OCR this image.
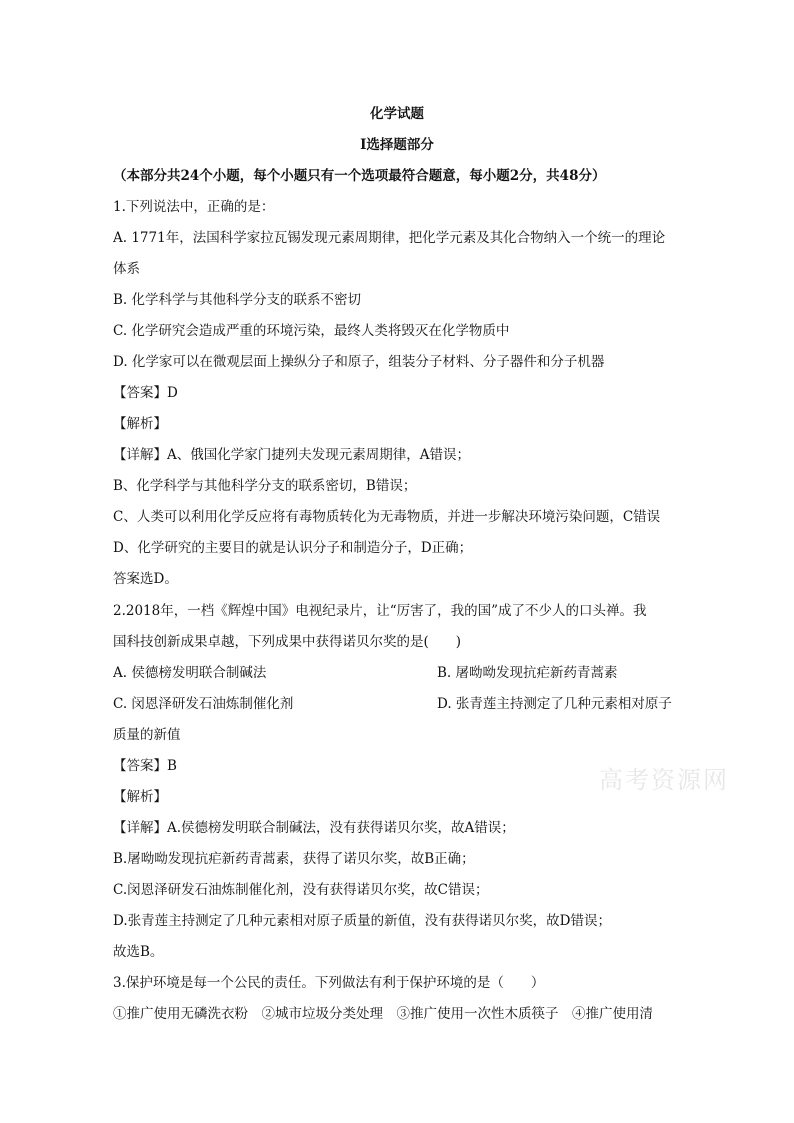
化学试题
I选择题部分
（本部分共24个小题，每个小题只有一个选项最符合题意，每小题2分，共48分）
1.下列说法中，正确的是：
A. 1771年，法国科学家拉瓦锡发现元素周期律，把化学元素及其化合物纳入一个统一的理论
体系
B. 化学科学与其他科学分支的联系不密切
C. 化学研究会造成严重的环境污染，最终人类将毁灭在化学物质中
D. 化学家可以在微观层面上操纵分子和原子，组装分子材料、分子器件和分子机器
【答案】D
【解析】
【详解】A、俄国化学家门捷列夫发现元素周期律，A错误；
B、化学科学与其他科学分支的联系密切，B错误；
C、人类可以利用化学反应将有毒物质转化为无毒物质，并进一步解决环境污染问题，C错误
D、化学研究的主要目的就是认识分子和制造分子，D正确；
答案选D。
2.2018年，一档《辉煌中国》电视纪录片，让“厉害了，我的国”成了不少人的口头禅。我
国科技创新成果卓越，下列成果中获得诺贝尔奖的是(　　)
A. 侯德榜发明联合制碱法	B. 屠呦呦发现抗疟新药青蒿素
C. 闵恩泽研发石油炼制催化剂	D. 张青莲主持测定了几种元素相对原子
质量的新值
【答案】B
【解析】
【详解】A.侯德榜发明联合制碱法，没有获得诺贝尔奖，故A错误；
B.屠呦呦发现抗疟新药青蒿素，获得了诺贝尔奖，故B正确；
C.闵恩泽研发石油炼制催化剂，没有获得诺贝尔奖，故C错误；
D.张青莲主持测定了几种元素相对原子质量的新值，没有获得诺贝尔奖，故D错误；
故选B。
3.保护环境是每一个公民的责任。下列做法有利于保护环境的是（　　）
①推广使用无磷洗衣粉　②城市垃圾分类处理　③推广使用一次性木质筷子　④推广使用清
高考资源网
